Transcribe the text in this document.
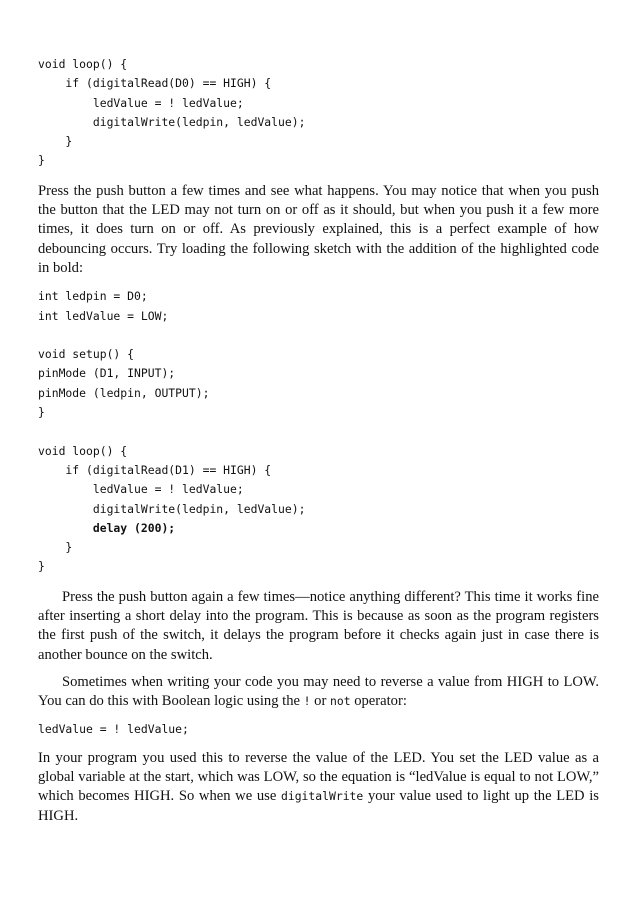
void loop() {
if (digitalRead(D0) == HIGH) {
ledValue = ! ledValue;
digitalWrite(ledpin, ledValue);
}
}

Press the push button a few times and see what happens. You may notice that when you push the button that the LED may not turn on or off as it should, but when you push it a few more times, it does turn on or off. As previously explained, this is a perfect example of how debouncing occurs. Try loading the following sketch with the addition of the highlighted code in bold:

int ledpin = D0;
int ledValue = LOW;
void setup() {
pinMode (D1, INPUT);
pinMode (ledpin, OUTPUT);
}
void loop() {
if (digitalRead(D1) == HIGH) {
ledValue = ! ledValue;
digitalWrite(ledpin, ledValue);
delay (200);
}
}

Press the push button again a few times—notice anything different? This time it works fine after inserting a short delay into the program. This is because as soon as the program registers the first push of the switch, it delays the program before it checks again just in case there is another bounce on the switch.

Sometimes when writing your code you may need to reverse a value from HIGH to LOW. You can do this with Boolean logic using the ! or not operator:

ledValue = ! ledValue;

In your program you used this to reverse the value of the LED. You set the LED value as a global variable at the start, which was LOW, so the equation is “ledValue is equal to not LOW,” which becomes HIGH. So when we use digitalWrite your value used to light up the LED is HIGH.
